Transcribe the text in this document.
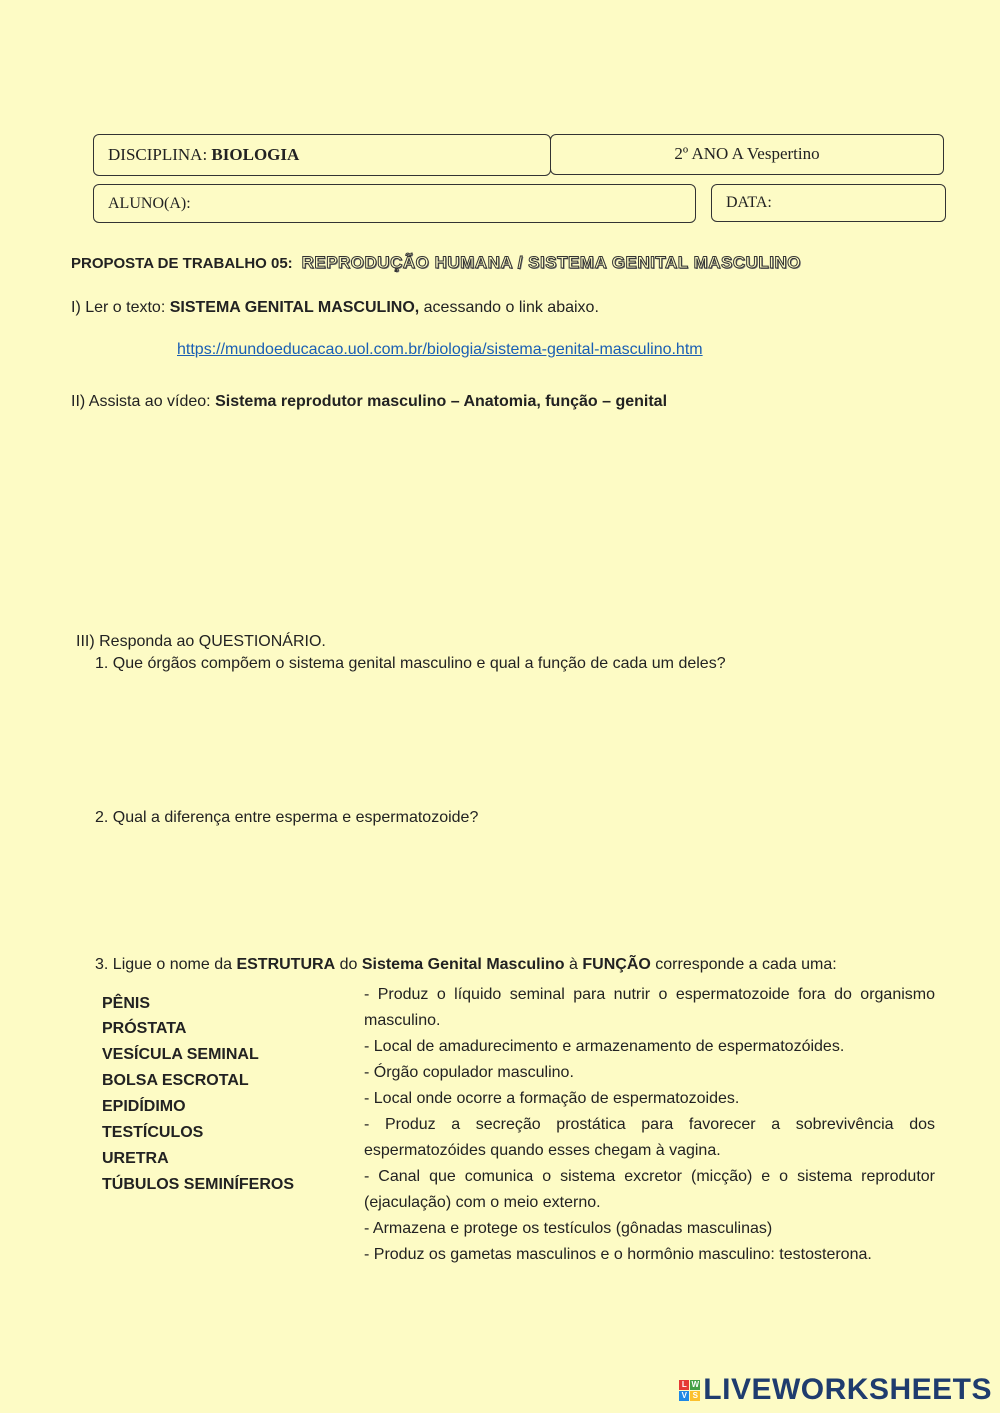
DISCIPLINA: BIOLOGIA	2º ANO A Vespertino
ALUNO(A):	DATA:
PROPOSTA DE TRABALHO 05: REPRODUÇÃO HUMANA / SISTEMA GENITAL MASCULINO
I) Ler o texto: SISTEMA GENITAL MASCULINO, acessando o link abaixo.
https://mundoeducacao.uol.com.br/biologia/sistema-genital-masculino.htm
II) Assista ao vídeo: Sistema reprodutor masculino – Anatomia, função – genital
III) Responda ao QUESTIONÁRIO.
1. Que órgãos compõem o sistema genital masculino e qual a função de cada um deles?
2. Qual a diferença entre esperma e espermatozoide?
3. Ligue o nome da ESTRUTURA do Sistema Genital Masculino à FUNÇÃO corresponde a cada uma:
PÊNIS
PRÓSTATA
VESÍCULA SEMINAL
BOLSA ESCROTAL
EPIDÍDIMO
TESTÍCULOS
URETRA
TÚBULOS SEMINÍFEROS
- Produz o líquido seminal para nutrir o espermatozoide fora do organismo masculino.
- Local de amadurecimento e armazenamento de espermatozóides.
- Órgão copulador masculino.
- Local onde ocorre a formação de espermatozoides.
- Produz a secreção prostática para favorecer a sobrevivência dos espermatozóides quando esses chegam à vagina.
- Canal que comunica o sistema excretor (micção) e o sistema reprodutor (ejaculação) com o meio externo.
- Armazena e protege os testículos (gônadas masculinas)
- Produz os gametas masculinos e o hormônio masculino: testosterona.
L W
V S LIVEWORKSHEETS
